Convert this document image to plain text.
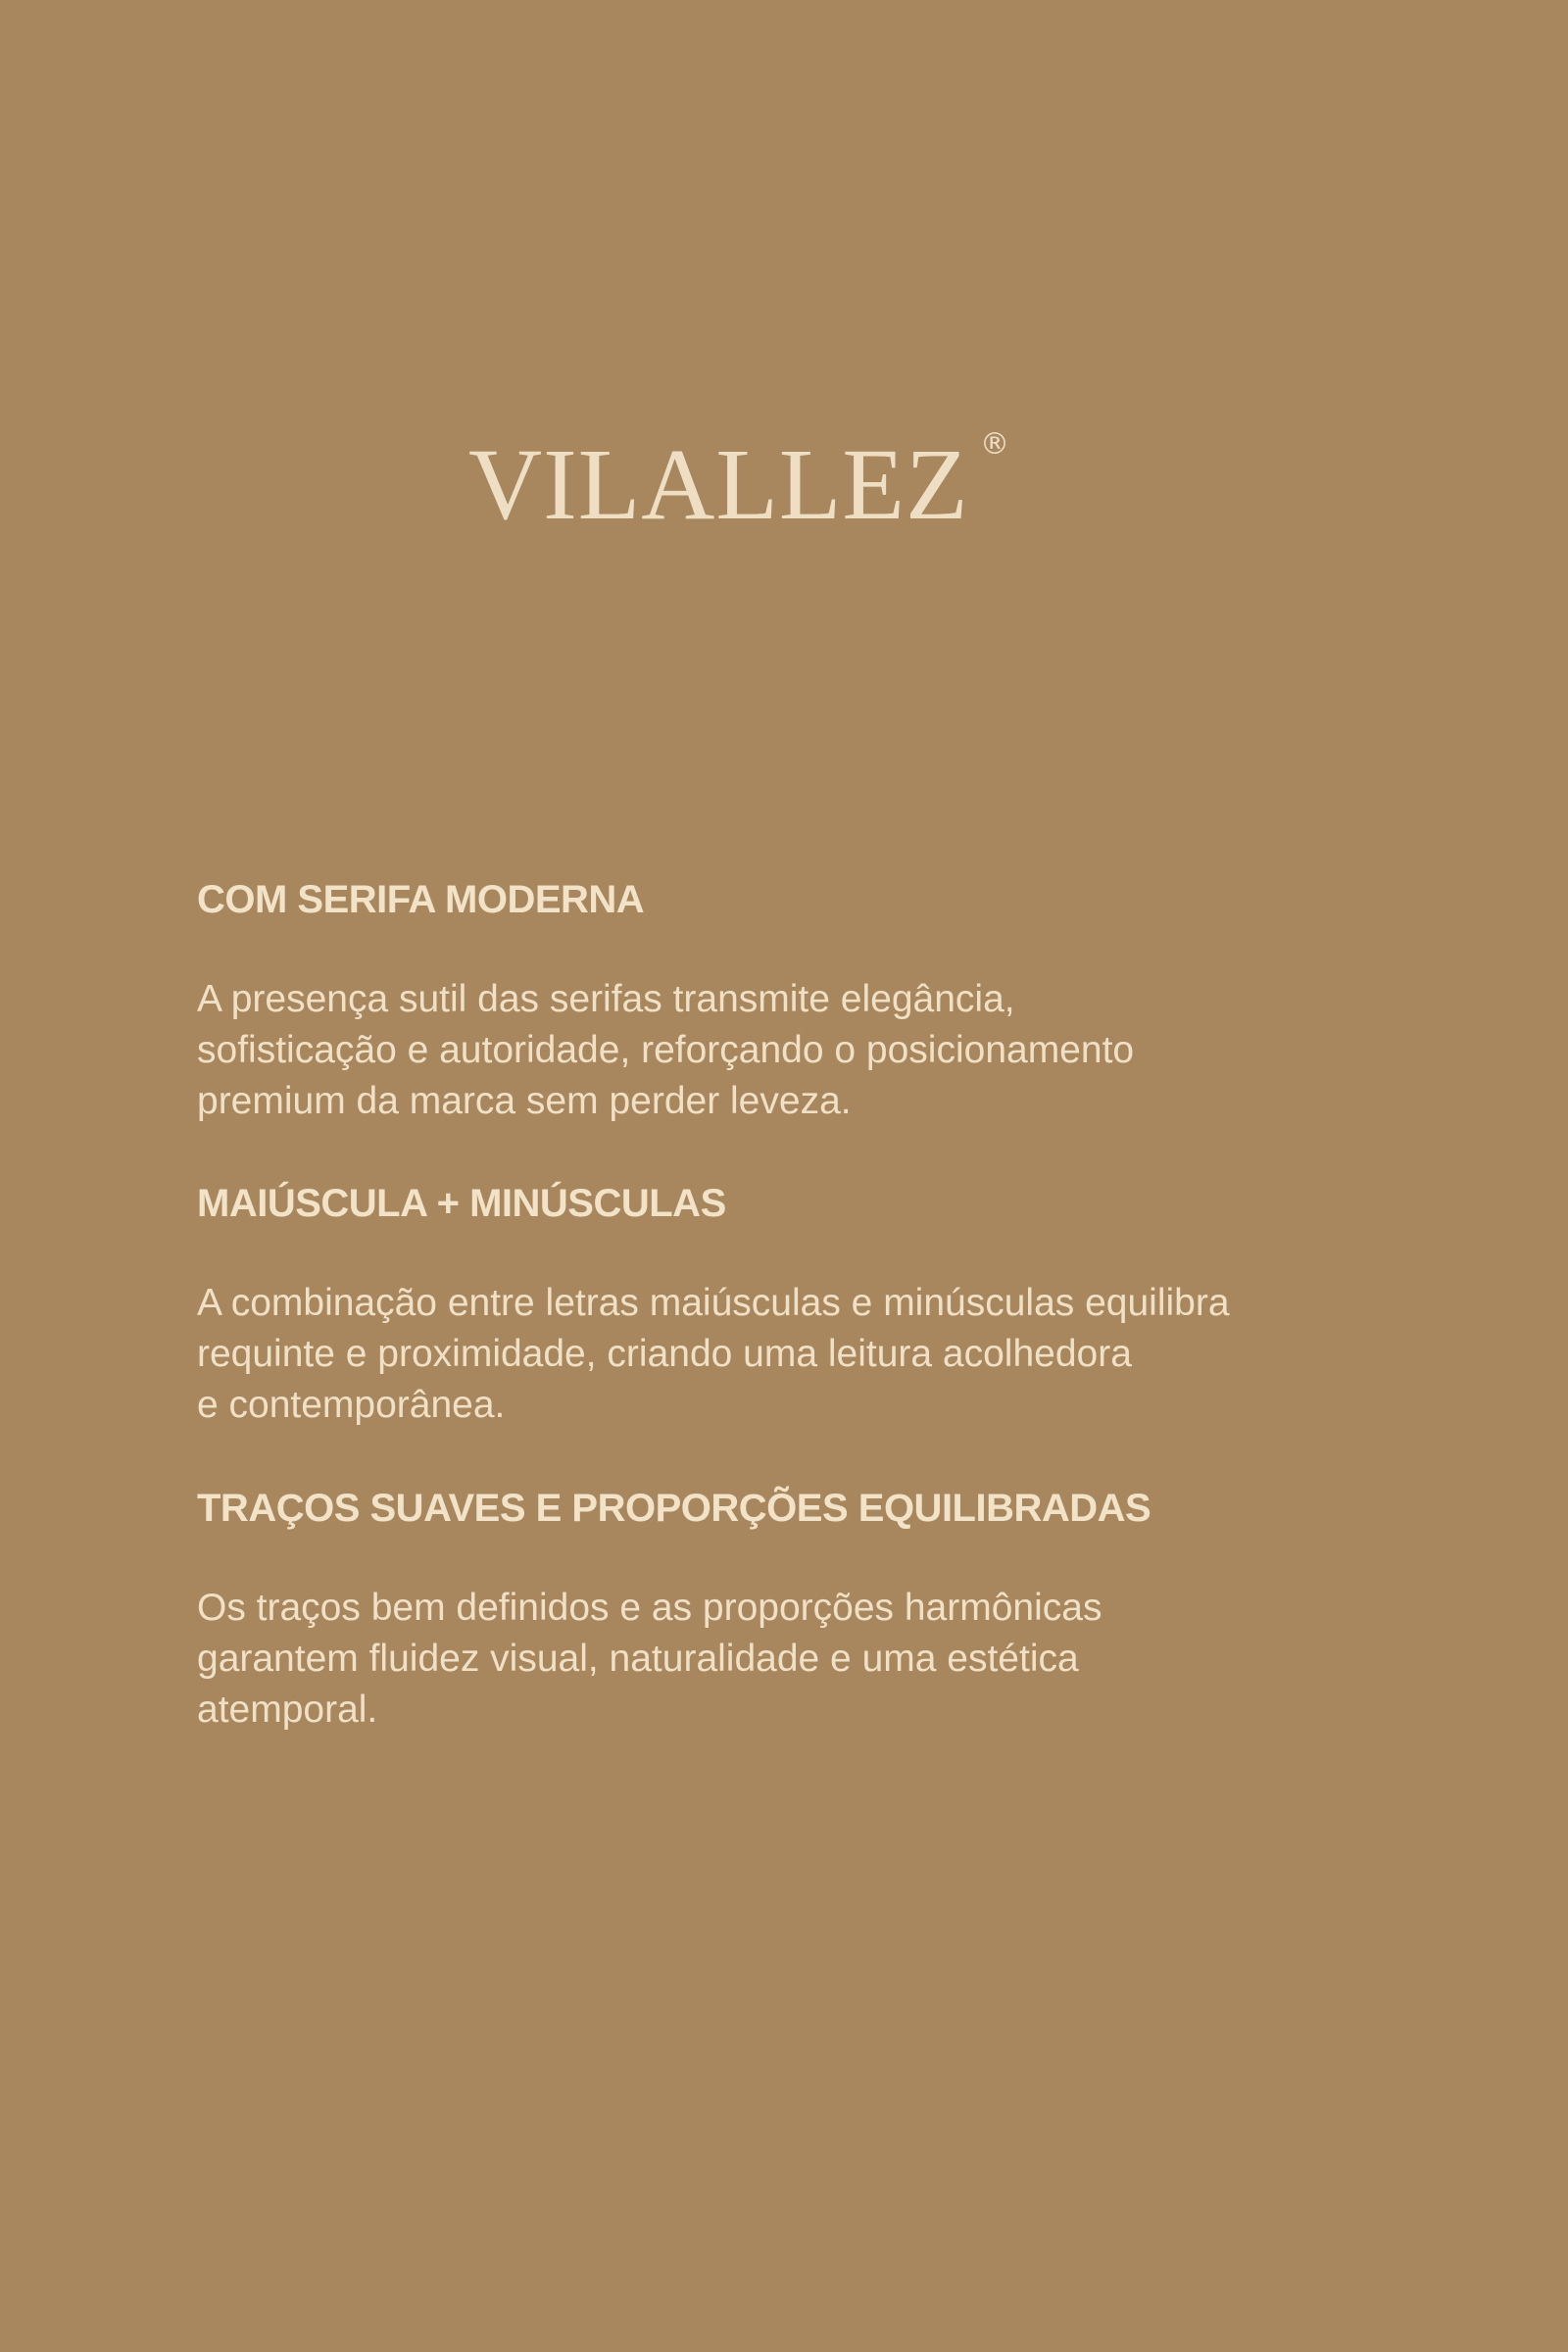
VILALLEZ ®
COM SERIFA MODERNA

A presença sutil das serifas transmite elegância,
sofisticação e autoridade, reforçando o posicionamento
premium da marca sem perder leveza.

MAIÚSCULA + MINÚSCULAS

A combinação entre letras maiúsculas e minúsculas equilibra
requinte e proximidade, criando uma leitura acolhedora
e contemporânea.

TRAÇOS SUAVES E PROPORÇÕES EQUILIBRADAS

Os traços bem definidos e as proporções harmônicas
garantem fluidez visual, naturalidade e uma estética
atemporal.
